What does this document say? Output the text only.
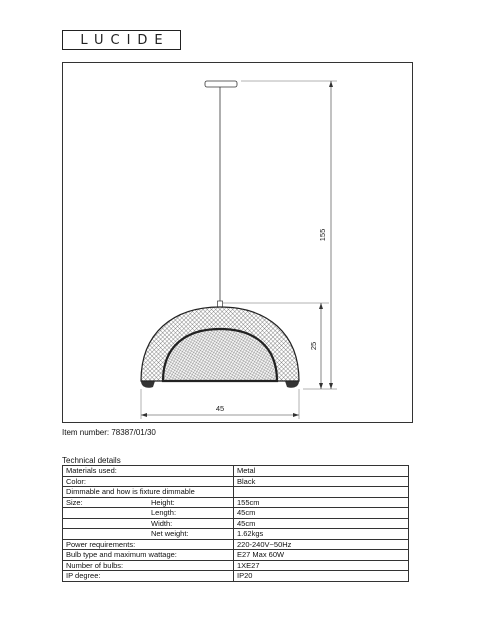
LUCIDE
155
25
45
Item number: 78387/01/30
Technical details
Materials used:	Metal
Color:	Black
Dimmable and how is fixture dimmable	
Size: Height:	155cm
Length:	45cm
Width:	45cm
Net weight:	1.62kgs
Power requirements:	220-240V~50Hz
Bulb type and maximum wattage:	E27 Max 60W
Number of bulbs:	1XE27
IP degree:	IP20
